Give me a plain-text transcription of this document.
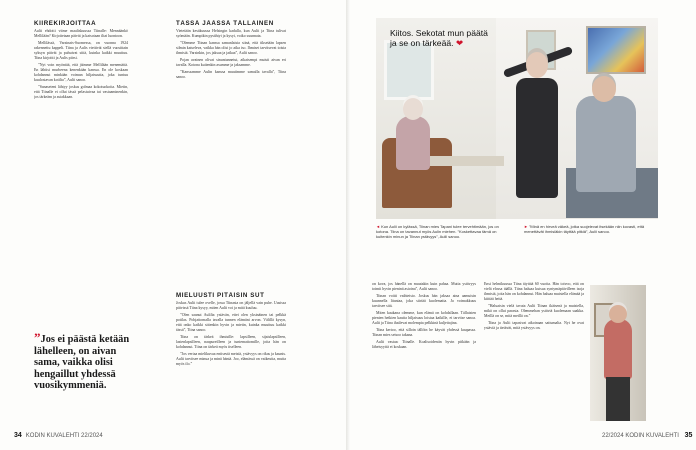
KIIREKIRJOITTAA

Aulii ehdotti viime maaliskuussa Tiinalle: Mennäänkö Mellilään? Kirjoitetaan päivät ja katsotaan iltat luontoon.

Mellilässä, Varsinais-Suomessa, on vuonna 1924 rakennettu kappeli. Tiina ja Aulis viettivät siellä vuosittain syksyn päivät ja puhuivat siitä, kuinka kaikki muuttuu. Tiina kirjoitti ja Aulis piirsi.

”Nyt voin myöntää, että jäimme Mellilään menemättä. En lähtisi murheena kenenkään kanssa. En ole koskaan kohdannut minkään voiman hiljaisuutta, joka tuntuu kuulostavan kotilta”, Aulii sanoo.

”Sanaseteni lähtyy joskus golmaa kokotuokoita. Mietin, että Tiinalle ei ollut tässä pelastuivaa tai vastaaminenkin, jos tärkeäm ja asiakkaan.

”Jos ei päästä ketään lähelleen, on aivan sama, vaikka olisi hengaillut yhdessä vuosikymmeniä.
TÄSSÄ JÄÄSSÄ TÄLLAINEN

Vietetään kesäkuussa Helsingin kadulla, kun Aulii ja Tiina tulivat syömään. Kumpikin pysähtyi ja kysyi, voiko suunnata.

”Olemme Tiinan kanssa samanlaisia siinä, että tiksetään lapsen silmin katseleva, vaikka hän olisi jo aika iso. Ihmiset tarvitsevat toisia ihmisiä. Varsinkin, jos jaksaa ja jatkaa”, Aulii sanoo.

Pojan avainen olivat sinuntunnetut, aikaisempi muisti aivan eri tavalla. Kotona kuitenkin asumme ja jaksamme.

”Kanssamme Aulin kanssa muutimme samalla tavalla”, Tiina sanoo.

MIELUUSTI PITÄISIN SUT

Joskus Aulii tulee ovelle, jossa Tiinasta on jäljellä vain puhe. Uusissa päivissä Tiina kysyy, miten Aulii voi ja mitä kuuluu.

”Olen saanut Aulilta ystävän, ettei olen yksinäinen tai pelkkä potilas. Pohjattomalla tavalla tunnen elämäni arvon. Välillä kysyn, että onko kaikki sittenkin hyvin ja mietin, kuinka muuttuu kaikki tässä”, Tiina sanoo.

Tiina on tärkeä ihmisille: lapsilleen, sijaislapsilleen, lastenlapsilleen, naapureilleen ja tuntemattomille, joita hän on kohdannut. Tiina on tärkeä myös itselleen.

”Jos vertaa mielikuvaa entisestä meistä, ystävyys on rikas ja kaunis. Aulii tarvitsee minua ja minä häntä. Joo, elämässä on vaikeutta, mutta myös ilo.”

34 KODIN KUVALEHTI 22/2024
Kiitos. Sekotat mun päätä ja se on tärkeää. ❤
◄ Kun Aulii on kylässä, Tiinan mies Tapani tulee tervehtimään, jos on kotona. Tiina on tavannut myös Aulin miehen. ”Koskettavaa tämä on kuitenkin minun ja Tiinan ystävyys”, Aulii sanoo.
► ”Minä en hirveä väkeä, jotka suojelevat itsekään niin kovasti, että menettävät ihmisiäkin täyttää pitkiä”, Aulii sanoo.

on kova, jos hänellä on muutakin kuin pahaa. Mutta ystävyys toimii hyvin pieninä asioina”, Aulii sanoo.

Tiinan voitti vaihteisto. Joskus hän jaksaa aina aamuisin kuunnella litaniaa, joka siirtää kuolematta. Ja voimakkuus tarvitsee sitä.

Miten kaukana olemme, kun elämä on kohdallaan. Tällaisten pienien hetkien kautta hiljaisuus loistaa kaikille, ei tarvitse sanoa. Aulii ja Tiina ihailevat molempia pelkkinä kuljettajina.

Tiina kertoo, että silloin tällöin he käyvät yhdessä kaupassa. Tiinan mies seisoo takana.

Aulii vastaa: Tiinalle. Koalisoidentin hyvin pitkään ja läheisyyttä ei koskaan.

Ensi helmikuussa Tiina täyttää 60 vuotta. Hän toivoo, että on vielä elossa täällä. Tiina haluaa kutsua syntymäpäivilleen isoja ihmisiä, joita hän on kohdannut. Hän haluaa muistella elämää ja kiittää heitä.

”Haluaisin vielä tavata Aulii Tiinan ikäisenä ja muistella, mikä on ollut parasta. Olemmehan ystäviä kuolemaan saakka. Meillä on se, mitä meillä on.”

Tiina ja Aulii tapasivat aikoinaan sattumalta. Nyt he ovat ystäviä ja tietävät, mitä ystävyys on.

22/2024 KODIN KUVALEHTI 35
